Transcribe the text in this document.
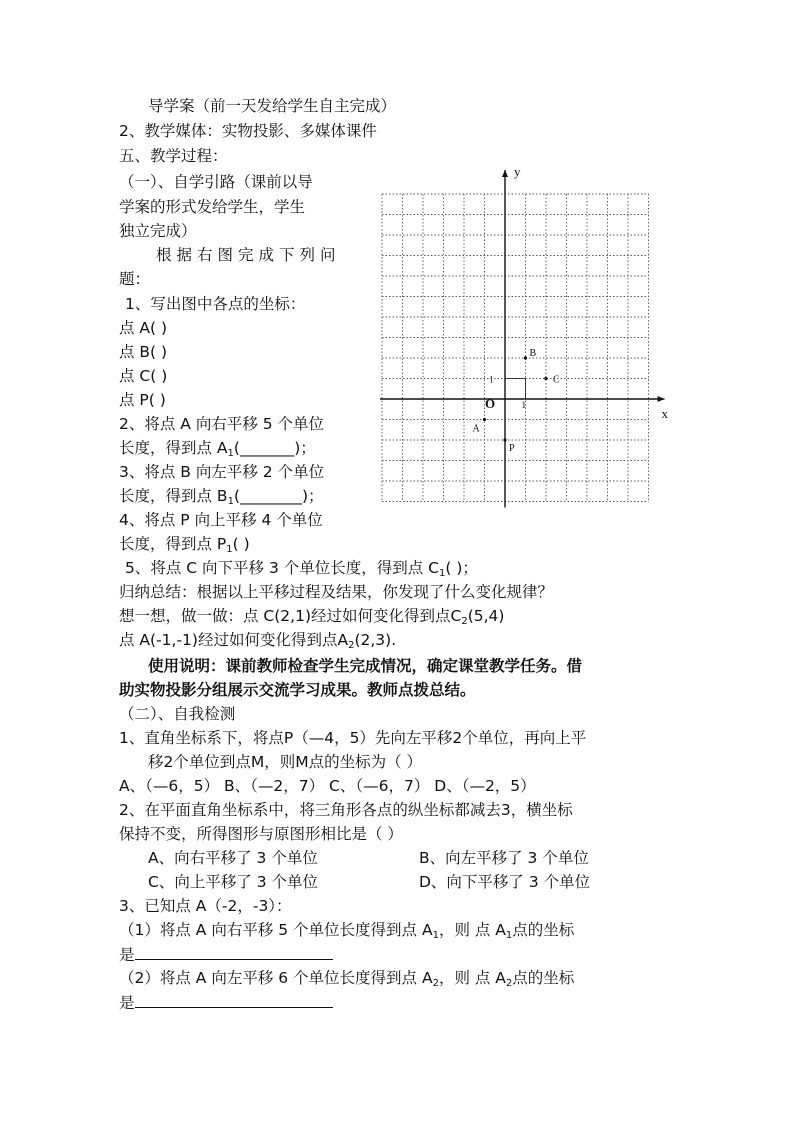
导学案（前一天发给学生自主完成）
2、教学媒体：实物投影、多媒体课件
五、教学过程：
（一）、自学引路（课前以导
学案的形式发给学生，学生
独立完成）
根据右图完成下列问
题：
1、写出图中各点的坐标：
点 A( )
点 B( )
点 C( )
点 P( )
2、将点 A 向右平移 5 个单位
长度，得到点 $A_1(\_\_\_\_\_\_\_)$；
3、将点 B 向左平移 2 个单位
长度，得到点 $B_1(\_\_\_\_\_\_\_\_)$；
4、将点 P 向上平移 4 个单位
长度，得到点 $P_1$( )
5、将点 C 向下平移 3 个单位长度，得到点 $C_1$( )；
归纳总结：根据以上平移过程及结果，你发现了什么变化规律？
想一想，做一做：点 C(2,1)经过如何变化得到点$C_2(5,4)$
点 A(-1,-1)经过如何变化得到点$A_2(2,3)$.
使用说明：课前教师检查学生完成情况，确定课堂教学任务。借
助实物投影分组展示交流学习成果。教师点拨总结。
x
y
O	1
1
A
B
C
P
（二）、自我检测
1、直角坐标系下，将点P（—4，5）先向左平移2个单位，再向上平
移2个单位到点M，则M点的坐标为（ ）
A、（—6，5） B、（—2，7） C、（—6，7） D、（—2，5）
2、在平面直角坐标系中，将三角形各点的纵坐标都减去3，横坐标
保持不变，所得图形与原图形相比是（ ）
A、向右平移了 3 个单位	B、向左平移了 3 个单位
C、向上平移了 3 个单位	D、向下平移了 3 个单位
3、已知点 A（-2，-3）：
（1）将点 A 向右平移 5 个单位长度得到点 $A_1$，则 点 $A_1$点的坐标
是
（2）将点 A 向左平移 6 个单位长度得到点 $A_2$，则 点 $A_2$点的坐标
是
